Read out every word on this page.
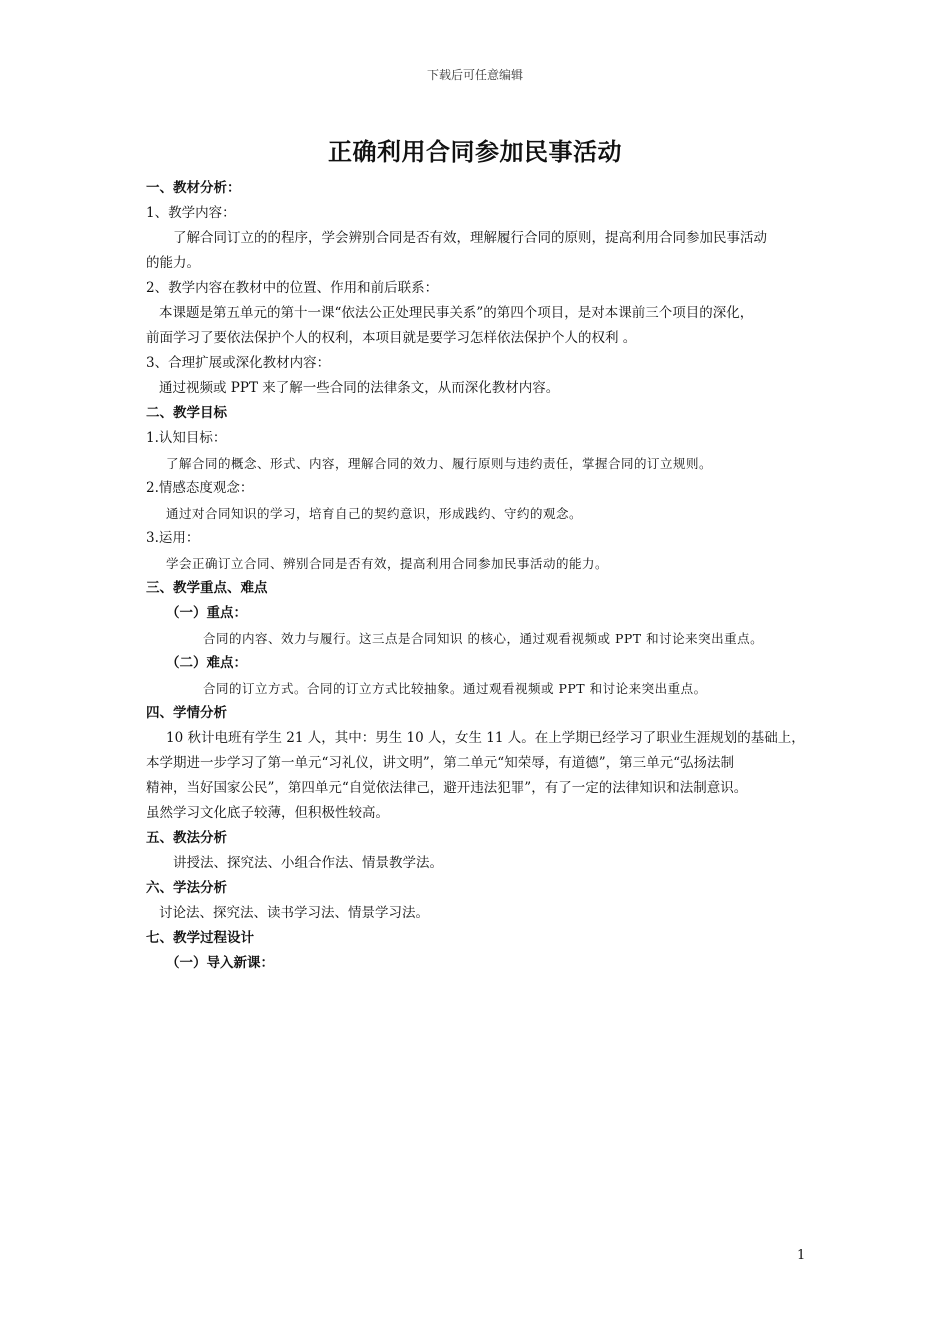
下载后可任意编辑
正确利用合同参加民事活动
一、教材分析：
1、教学内容：
了解合同订立的的程序，学会辨别合同是否有效，理解履行合同的原则，提高利用合同参加民事活动
的能力。
2、教学内容在教材中的位置、作用和前后联系：
本课题是第五单元的第十一课“依法公正处理民事关系”的第四个项目，是对本课前三个项目的深化，
前面学习了要依法保护个人的权利，本项目就是要学习怎样依法保护个人的权利 。
3、合理扩展或深化教材内容：
通过视频或 PPT 来了解一些合同的法律条文，从而深化教材内容。
二、教学目标
1.认知目标：
了解合同的概念、形式、内容，理解合同的效力、履行原则与违约责任，掌握合同的订立规则。
2.情感态度观念：
通过对合同知识的学习，培育自己的契约意识，形成践约、守约的观念。
3.运用：
学会正确订立合同、辨别合同是否有效，提高利用合同参加民事活动的能力。
三、教学重点、难点
（一）重点：
合同的内容、效力与履行。这三点是合同知识 的核心，通过观看视频或 PPT 和讨论来突出重点。
（二）难点：
合同的订立方式。合同的订立方式比较抽象。通过观看视频或 PPT 和讨论来突出重点。
四、学情分析
10 秋计电班有学生 21 人，其中：男生 10 人，女生 11 人。在上学期已经学习了职业生涯规划的基础上，
本学期进一步学习了第一单元“习礼仪，讲文明”，第二单元“知荣辱，有道德”，第三单元“弘扬法制
精神，当好国家公民”，第四单元“自觉依法律己，避开违法犯罪”，有了一定的法律知识和法制意识。
虽然学习文化底子较薄，但积极性较高。
五、教法分析
讲授法、探究法、小组合作法、情景教学法。
六、学法分析
讨论法、探究法、读书学习法、情景学习法。
七、教学过程设计
（一）导入新课：
1
